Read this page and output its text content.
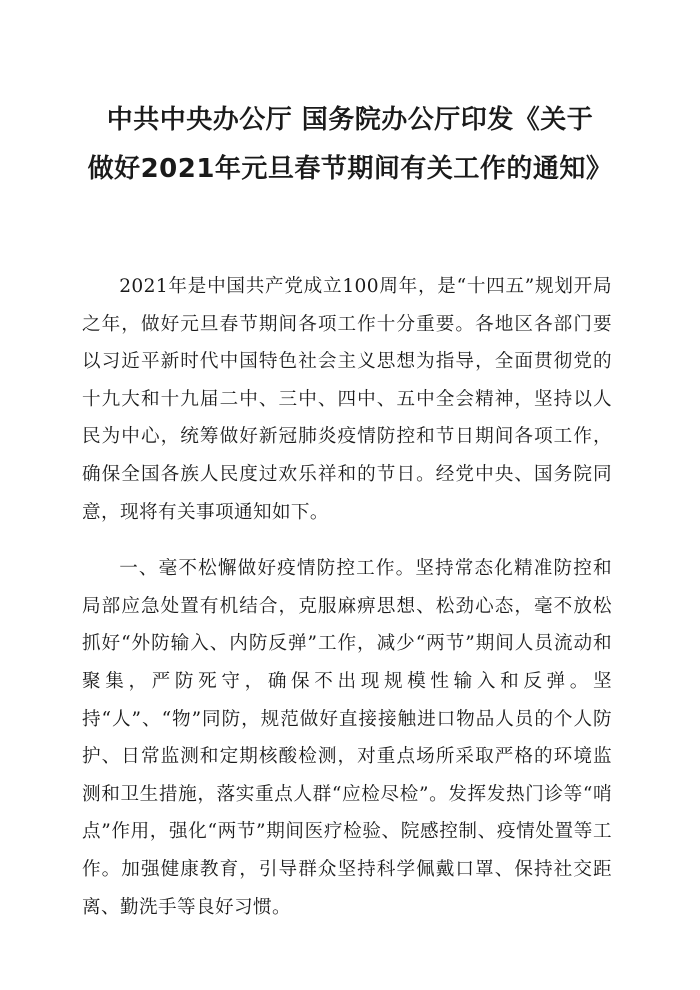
中共中央办公厅 国务院办公厅印发《关于
做好2021年元旦春节期间有关工作的通知》

2021年是中国共产党成立100周年，是“十四五”规划开局之年，做好元旦春节期间各项工作十分重要。各地区各部门要以习近平新时代中国特色社会主义思想为指导，全面贯彻党的十九大和十九届二中、三中、四中、五中全会精神，坚持以人民为中心，统筹做好新冠肺炎疫情防控和节日期间各项工作，确保全国各族人民度过欢乐祥和的节日。经党中央、国务院同意，现将有关事项通知如下。

一、毫不松懈做好疫情防控工作。坚持常态化精准防控和局部应急处置有机结合，克服麻痹思想、松劲心态，毫不放松抓好“外防输入、内防反弹”工作，减少“两节”期间人员流动和聚集，严防死守，确保不出现规模性输入和反弹。坚持“人”、“物”同防，规范做好直接接触进口物品人员的个人防护、日常监测和定期核酸检测，对重点场所采取严格的环境监测和卫生措施，落实重点人群“应检尽检”。发挥发热门诊等“哨点”作用，强化“两节”期间医疗检验、院感控制、疫情处置等工作。加强健康教育，引导群众坚持科学佩戴口罩、保持社交距离、勤洗手等良好习惯。
